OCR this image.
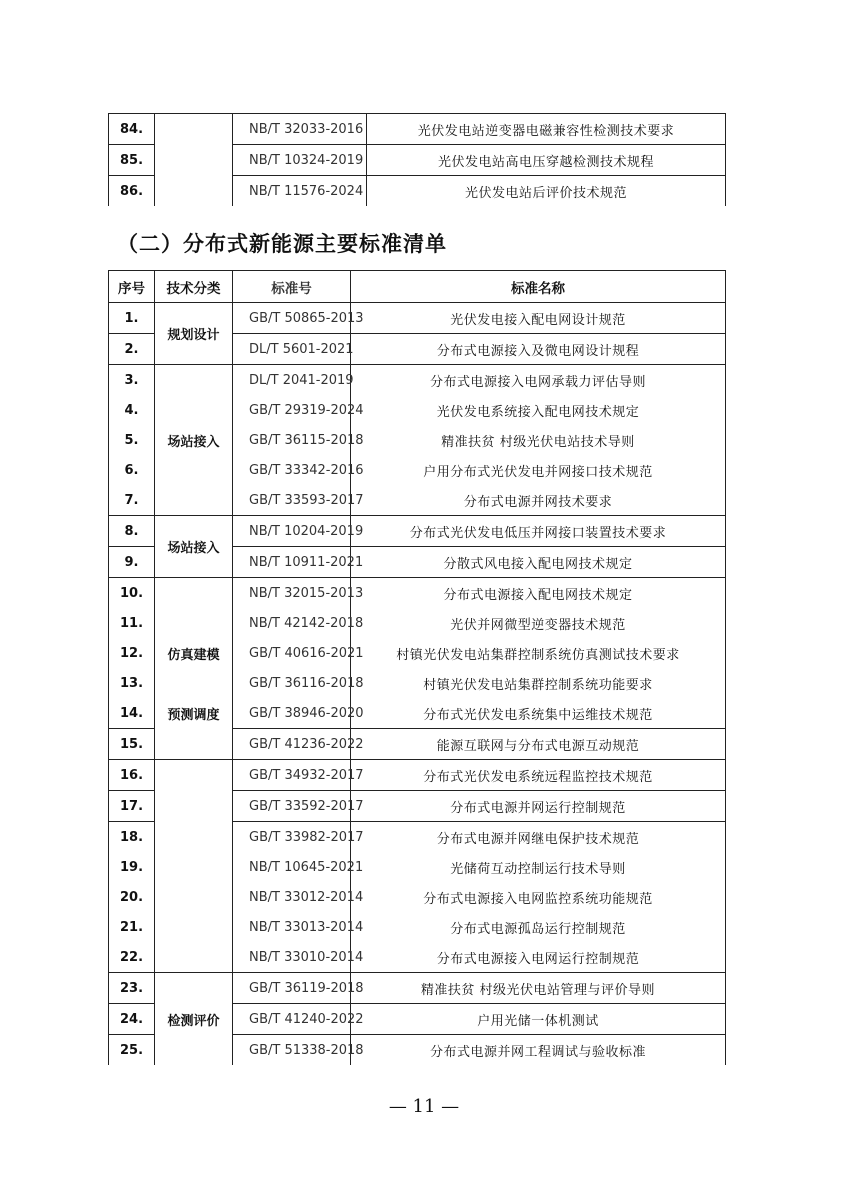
84.		NB/T 32033-2016	光伏发电站逆变器电磁兼容性检测技术要求
85.		NB/T 10324-2019	光伏发电站高电压穿越检测技术规程
86.		NB/T 11576-2024	光伏发电站后评价技术规范
（二）分布式新能源主要标准清单
序号	技术分类	标准号	标准名称
1.	规划设计	GB/T 50865-2013	光伏发电接入配电网设计规范
2.		DL/T 5601-2021	分布式电源接入及微电网设计规程
3.	场站接入	DL/T 2041-2019	分布式电源接入电网承载力评估导则
4.		GB/T 29319-2024	光伏发电系统接入配电网技术规定
5.		GB/T 36115-2018	精准扶贫 村级光伏电站技术导则
6.		GB/T 33342-2016	户用分布式光伏发电并网接口技术规范
7.		GB/T 33593-2017	分布式电源并网技术要求
8.	场站接入	NB/T 10204-2019	分布式光伏发电低压并网接口装置技术要求
9.		NB/T 10911-2021	分散式风电接入配电网技术规定
10.		NB/T 32015-2013	分布式电源接入配电网技术规定
11.		NB/T 42142-2018	光伏并网微型逆变器技术规范
12.	仿真建模	GB/T 40616-2021	村镇光伏发电站集群控制系统仿真测试技术要求
13.		GB/T 36116-2018	村镇光伏发电站集群控制系统功能要求
14.	预测调度	GB/T 38946-2020	分布式光伏发电系统集中运维技术规范
15.		GB/T 41236-2022	能源互联网与分布式电源互动规范
16.		GB/T 34932-2017	分布式光伏发电系统远程监控技术规范
17.		GB/T 33592-2017	分布式电源并网运行控制规范
18.		GB/T 33982-2017	分布式电源并网继电保护技术规范
19.		NB/T 10645-2021	光储荷互动控制运行技术导则
20.		NB/T 33012-2014	分布式电源接入电网监控系统功能规范
21.		NB/T 33013-2014	分布式电源孤岛运行控制规范
22.		NB/T 33010-2014	分布式电源接入电网运行控制规范
23.		GB/T 36119-2018	精准扶贫 村级光伏电站管理与评价导则
24.	检测评价	GB/T 41240-2022	户用光储一体机测试
25.		GB/T 51338-2018	分布式电源并网工程调试与验收标准
— 11 —
